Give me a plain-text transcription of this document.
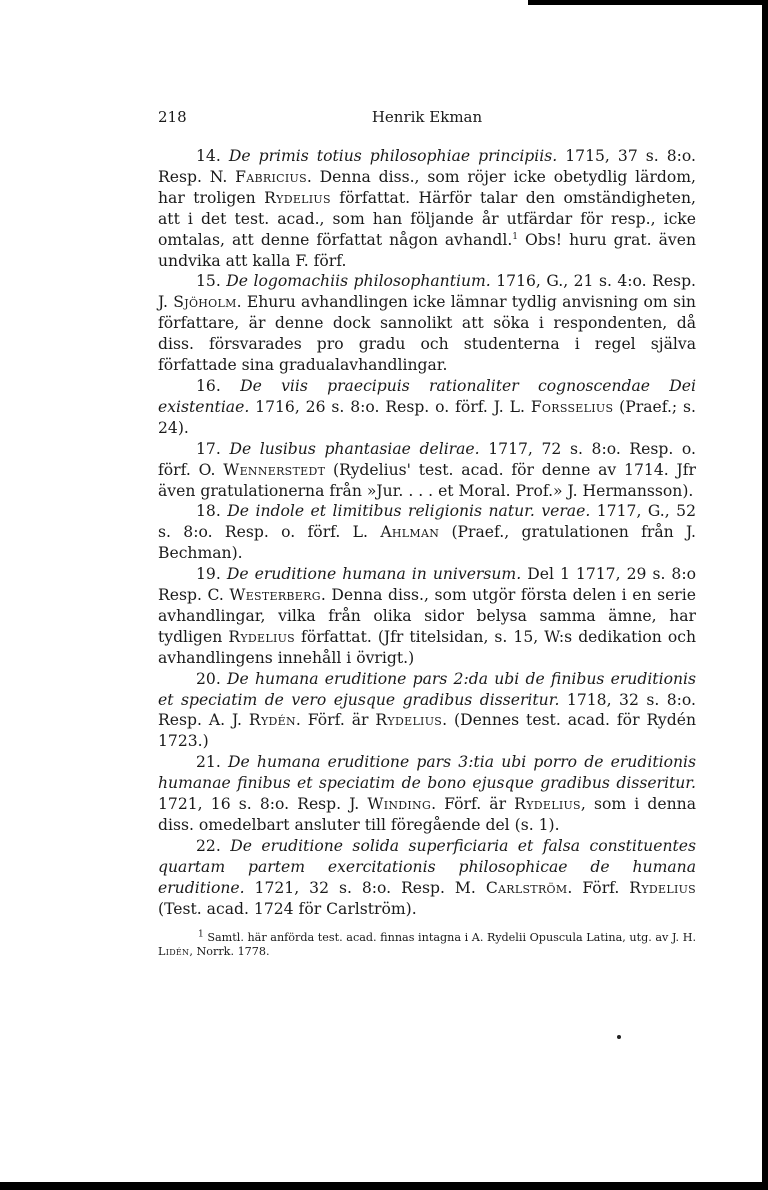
218	Henrik Ekman

14. De primis totius philosophiae principiis. 1715, 37 s. 8:o. Resp. N. Fabricius. Denna diss., som röjer icke obetydlig lärdom, har troligen Rydelius författat. Härför talar den omständigheten, att i det test. acad., som han följande år utfärdar för resp., icke omtalas, att denne författat någon avhandl.$^1$ Obs! huru grat. även undvika att kalla F. förf.

15. De logomachiis philosophantium. 1716, G., 21 s. 4:o. Resp. J. Sjöholm. Ehuru avhandlingen icke lämnar tydlig anvisning om sin författare, är denne dock sannolikt att söka i respondenten, då diss. försvarades pro gradu och studenterna i regel själva författade sina gradualavhandlingar.

16. De viis praecipuis rationaliter cognoscendae Dei existentiae. 1716, 26 s. 8:o. Resp. o. förf. J. L. Forsselius (Praef.; s. 24).

17. De lusibus phantasiae delirae. 1717, 72 s. 8:o. Resp. o. förf. O. Wennerstedt (Rydelius' test. acad. för denne av 1714. Jfr även gratulationerna från »Jur. . . . et Moral. Prof.» J. Hermansson).

18. De indole et limitibus religionis natur. verae. 1717, G., 52 s. 8:o. Resp. o. förf. L. Ahlman (Praef., gratulationen från J. Bechman).

19. De eruditione humana in universum. Del 1 1717, 29 s. 8:o Resp. C. Westerberg. Denna diss., som utgör första delen i en serie avhandlingar, vilka från olika sidor belysa samma ämne, har tydligen Rydelius författat. (Jfr titelsidan, s. 15, W:s dedikation och avhandlingens innehåll i övrigt.)

20. De humana eruditione pars 2:da ubi de finibus eruditionis et speciatim de vero ejusque gradibus disseritur. 1718, 32 s. 8:o. Resp. A. J. Rydén. Förf. är Rydelius. (Dennes test. acad. för Rydén 1723.)

21. De humana eruditione pars 3:tia ubi porro de eruditionis humanae finibus et speciatim de bono ejusque gradibus disseritur. 1721, 16 s. 8:o. Resp. J. Winding. Förf. är Rydelius, som i denna diss. omedelbart ansluter till föregående del (s. 1).

22. De eruditione solida superficiaria et falsa constituentes quartam partem exercitationis philosophicae de humana eruditione. 1721, 32 s. 8:o. Resp. M. Carlström. Förf. Rydelius (Test. acad. 1724 för Carlström).

$^1$ Samtl. här anförda test. acad. finnas intagna i A. Rydelii Opuscula Latina, utg. av J. H. Lidén, Norrk. 1778.
